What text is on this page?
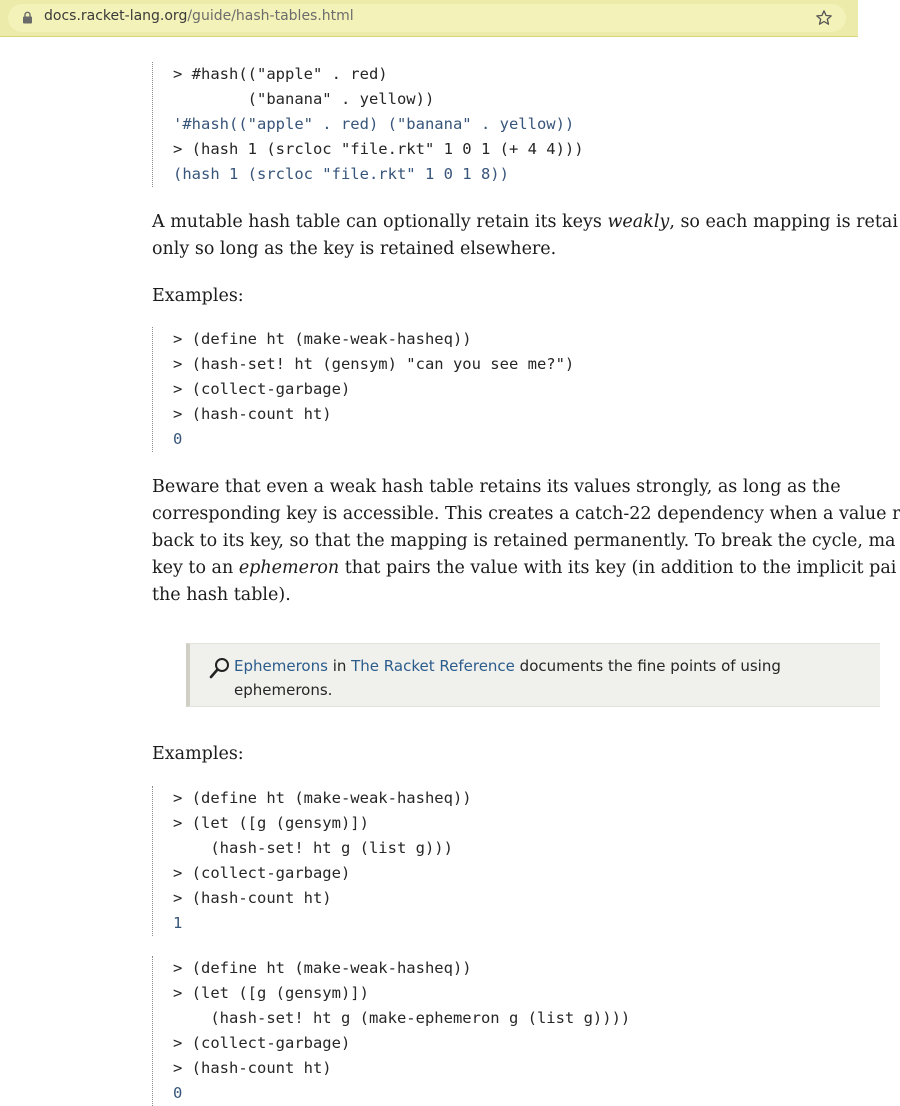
docs.racket-lang.org/guide/hash-tables.html
> #hash(("apple" . red)
("banana" . yellow))
'#hash(("apple" . red) ("banana" . yellow))
> (hash 1 (srcloc "file.rkt" 1 0 1 (+ 4 4)))
(hash 1 (srcloc "file.rkt" 1 0 1 8))
A mutable hash table can optionally retain its keys weakly, so each mapping is retai
only so long as the key is retained elsewhere.
Examples:
> (define ht (make-weak-hasheq))
> (hash-set! ht (gensym) "can you see me?")
> (collect-garbage)
> (hash-count ht)
0
Beware that even a weak hash table retains its values strongly, as long as the
corresponding key is accessible. This creates a catch-22 dependency when a value r
back to its key, so that the mapping is retained permanently. To break the cycle, ma
key to an ephemeron that pairs the value with its key (in addition to the implicit pai
the hash table).
Ephemerons in The Racket Reference documents the fine points of using
ephemerons.
Examples:
> (define ht (make-weak-hasheq))
> (let ([g (gensym)])
(hash-set! ht g (list g)))
> (collect-garbage)
> (hash-count ht)
1
> (define ht (make-weak-hasheq))
> (let ([g (gensym)])
(hash-set! ht g (make-ephemeron g (list g))))
> (collect-garbage)
> (hash-count ht)
0
